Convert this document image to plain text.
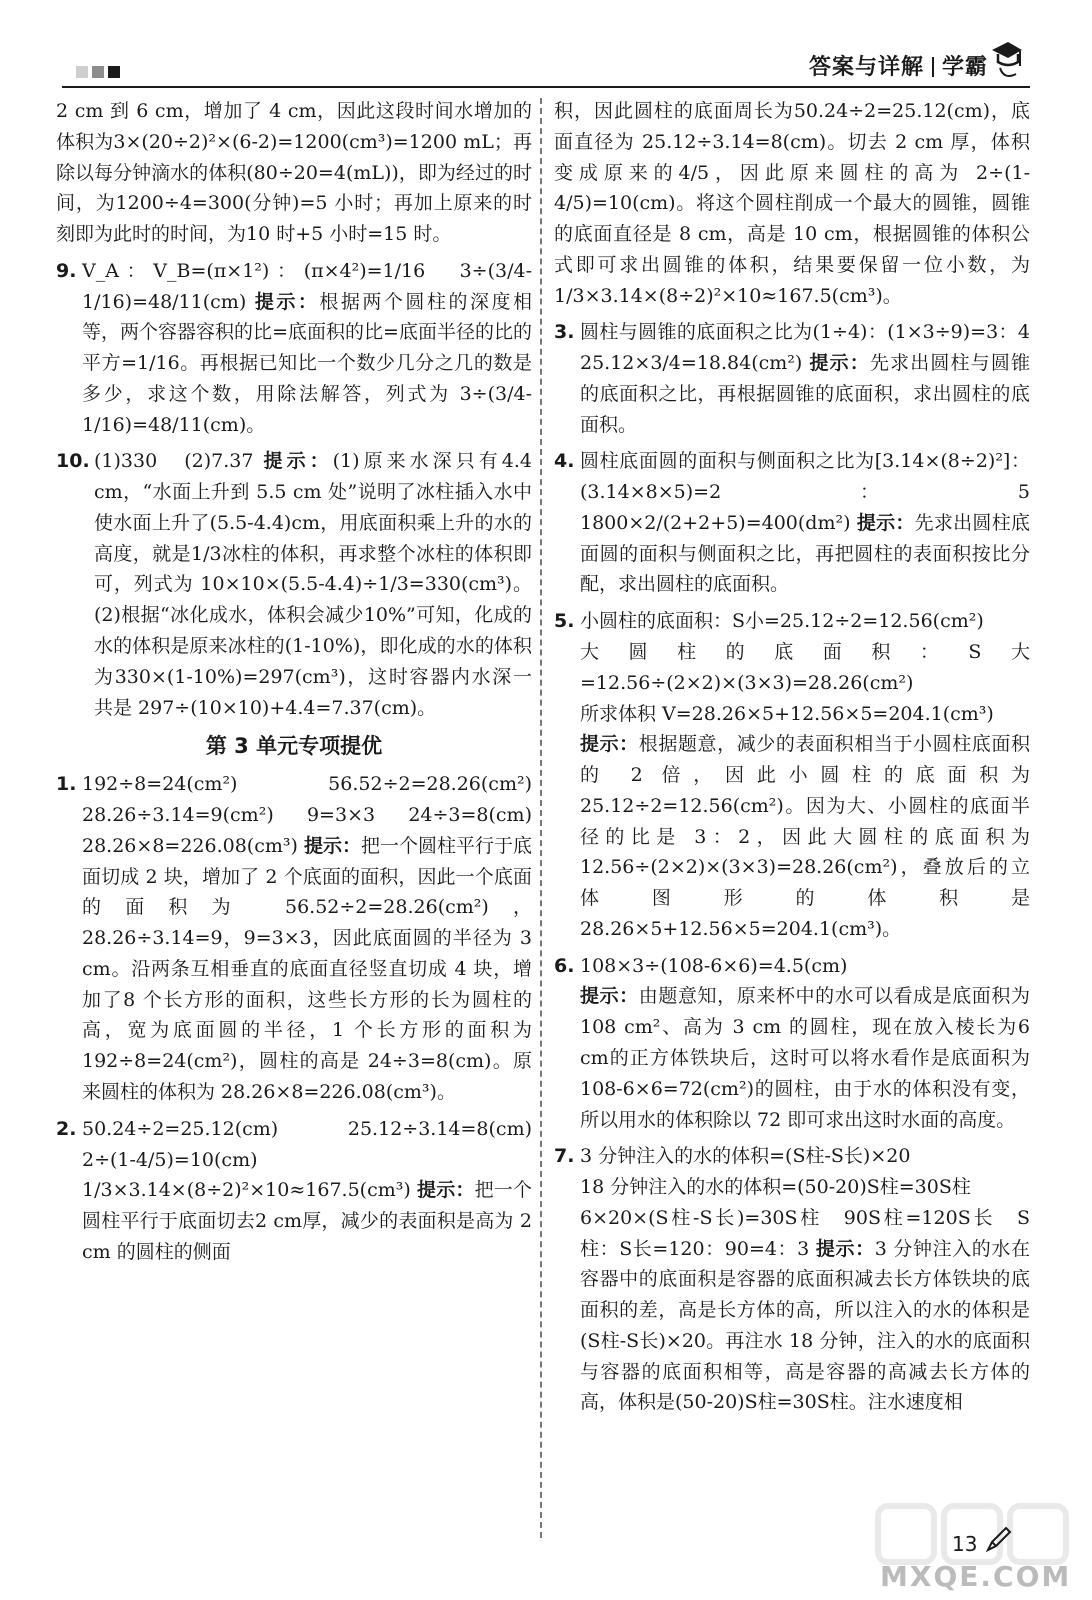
答案与详解 学霸

2 cm 到 6 cm，增加了 4 cm，因此这段时间水增加的体积为3×(20÷2)²×(6-2)=1200(cm³)=1200 mL；再除以每分钟滴水的体积(80÷20=4(mL))，即为经过的时间，为1200÷4=300(分钟)=5 小时；再加上原来的时刻即为此时的时间，为10 时+5 小时=15 时。

9. V_A：V_B=(π×1²)：(π×4²)=1/16　3÷(3/4-1/16)=48/11(cm) 提示：根据两个圆柱的深度相等，两个容器容积的比=底面积的比=底面半径的比的平方=1/16。再根据已知比一个数少几分之几的数是多少，求这个数，用除法解答，列式为 3÷(3/4-1/16)=48/11(cm)。
10. (1)330　(2)7.37 提示：(1)原来水深只有4.4 cm，“水面上升到 5.5 cm 处”说明了冰柱插入水中使水面上升了(5.5-4.4)cm，用底面积乘上升的水的高度，就是1/3冰柱的体积，再求整个冰柱的体积即可，列式为 10×10×(5.5-4.4)÷1/3=330(cm³)。(2)根据“冰化成水，体积会减少10%”可知，化成的水的体积是原来冰柱的(1-10%)，即化成的水的体积为330×(1-10%)=297(cm³)，这时容器内水深一共是 297÷(10×10)+4.4=7.37(cm)。
第 3 单元专项提优
1. 192÷8=24(cm²)　56.52÷2=28.26(cm²)　28.26÷3.14=9(cm²)　9=3×3　24÷3=8(cm)　28.26×8=226.08(cm³) 提示：把一个圆柱平行于底面切成 2 块，增加了 2 个底面的面积，因此一个底面的面积为 56.52÷2=28.26(cm²)，28.26÷3.14=9，9=3×3，因此底面圆的半径为 3 cm。沿两条互相垂直的底面直径竖直切成 4 块，增加了8 个长方形的面积，这些长方形的长为圆柱的高，宽为底面圆的半径，1 个长方形的面积为 192÷8=24(cm²)，圆柱的高是 24÷3=8(cm)。原来圆柱的体积为 28.26×8=226.08(cm³)。
2. 50.24÷2=25.12(cm)　25.12÷3.14=8(cm)　2÷(1-4/5)=10(cm)　1/3×3.14×(8÷2)²×10≈167.5(cm³) 提示：把一个圆柱平行于底面切去2 cm厚，减少的表面积是高为 2 cm 的圆柱的侧面

积，因此圆柱的底面周长为50.24÷2=25.12(cm)，底面直径为 25.12÷3.14=8(cm)。切去 2 cm 厚，体积变成原来的4/5，因此原来圆柱的高为 2÷(1-4/5)=10(cm)。将这个圆柱削成一个最大的圆锥，圆锥的底面直径是 8 cm，高是 10 cm，根据圆锥的体积公式即可求出圆锥的体积，结果要保留一位小数，为1/3×3.14×(8÷2)²×10≈167.5(cm³)。

3. 圆柱与圆锥的底面积之比为(1÷4)：(1×3÷9)=3：4　25.12×3/4=18.84(cm²) 提示：先求出圆柱与圆锥的底面积之比，再根据圆锥的底面积，求出圆柱的底面积。
4. 圆柱底面圆的面积与侧面积之比为[3.14×(8÷2)²]：(3.14×8×5)=2：5　1800×2/(2+2+5)=400(dm²) 提示：先求出圆柱底面圆的面积与侧面积之比，再把圆柱的表面积按比分配，求出圆柱的底面积。
5. 小圆柱的底面积：S小=25.12÷2=12.56(cm²)
大圆柱的底面积：S大=12.56÷(2×2)×(3×3)=28.26(cm²)
所求体积 V=28.26×5+12.56×5=204.1(cm³)
提示：根据题意，减少的表面积相当于小圆柱底面积的 2 倍，因此小圆柱的底面积为 25.12÷2=12.56(cm²)。因为大、小圆柱的底面半径的比是 3：2，因此大圆柱的底面积为 12.56÷(2×2)×(3×3)=28.26(cm²)，叠放后的立体图形的体积是 28.26×5+12.56×5=204.1(cm³)。
6. 108×3÷(108-6×6)=4.5(cm)
提示：由题意知，原来杯中的水可以看成是底面积为 108 cm²、高为 3 cm 的圆柱，现在放入棱长为6 cm的正方体铁块后，这时可以将水看作是底面积为 108-6×6=72(cm²)的圆柱，由于水的体积没有变，所以用水的体积除以 72 即可求出这时水面的高度。
7. 3 分钟注入的水的体积=(S柱-S长)×20
18 分钟注入的水的体积=(50-20)S柱=30S柱
6×20×(S柱-S长)=30S柱　90S柱=120S长　S柱：S长=120：90=4：3 提示：3 分钟注入的水在容器中的底面积是容器的底面积减去长方体铁块的底面积的差，高是长方体的高，所以注入的水的体积是(S柱-S长)×20。再注水 18 分钟，注入的水的底面积与容器的底面积相等，高是容器的高减去长方体的高，体积是(50-20)S柱=30S柱。注水速度相
MXQE.COM
13
